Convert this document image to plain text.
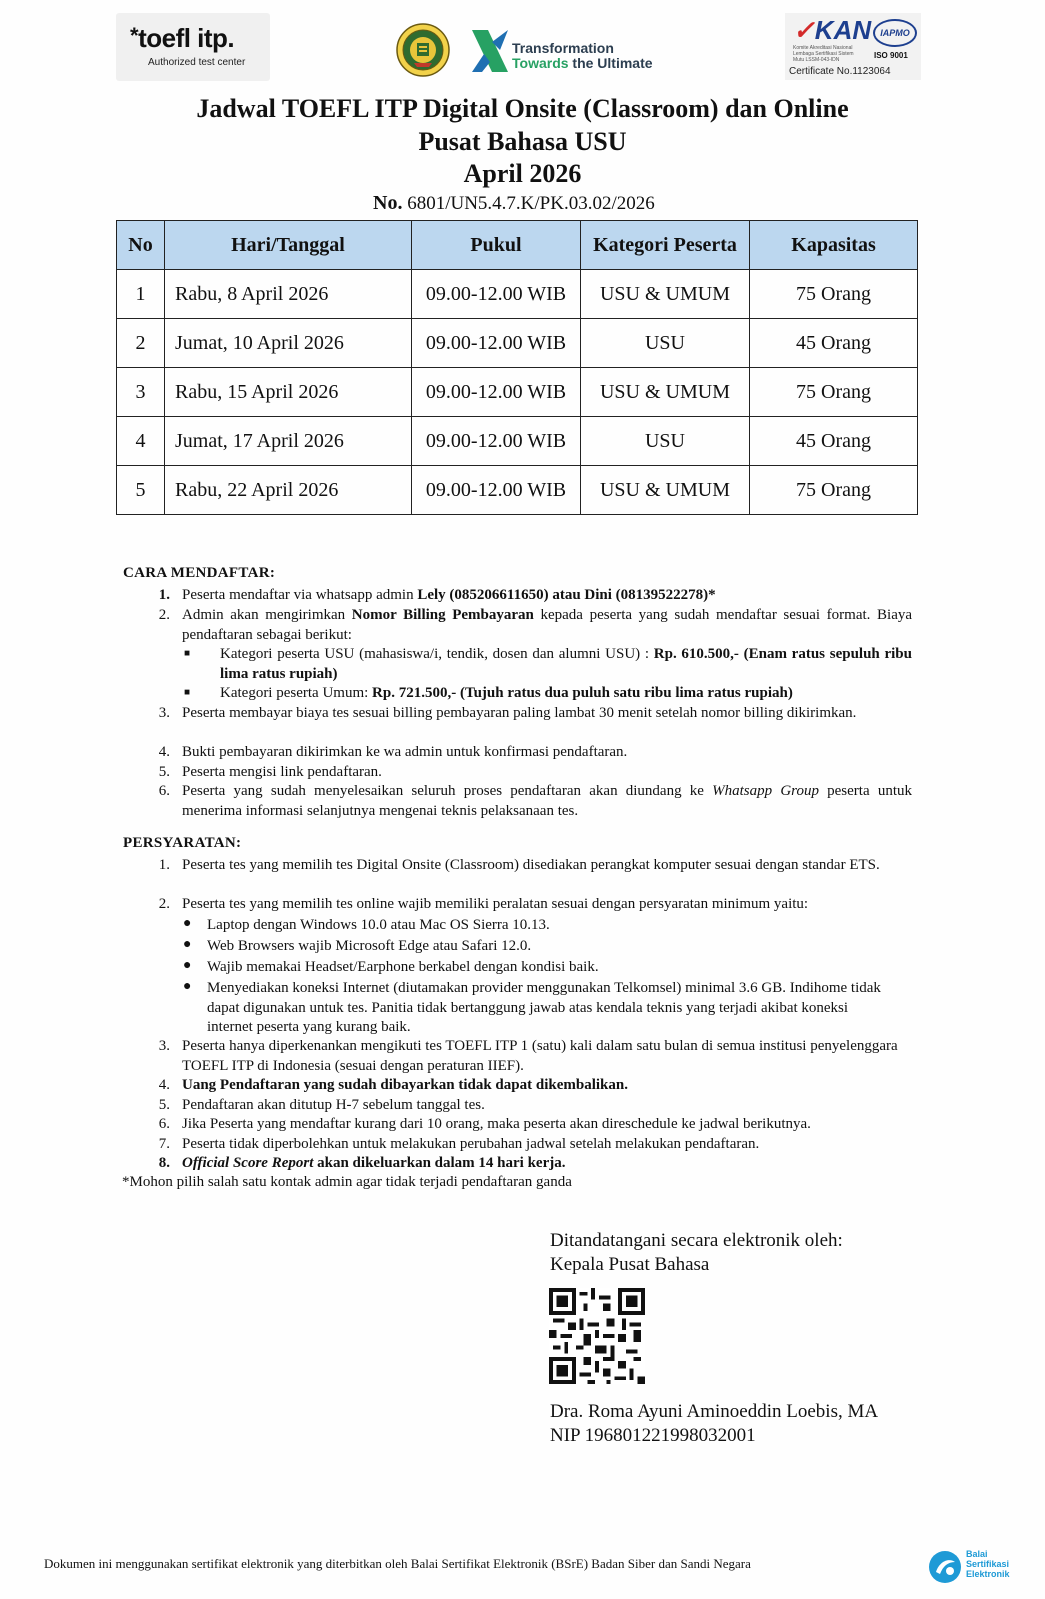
*toefl itp.
Authorized test center
Transformation
Towards the Ultimate
✓KAN
Komite Akreditasi Nasional Lembaga Sertifikasi Sistem Mutu LSSM-043-IDN
IAPMO
ISO 9001
Certificate No.1123064
Jadwal TOEFL ITP Digital Onsite (Classroom) dan Online
Pusat Bahasa USU
April 2026
No. 6801/UN5.4.7.K/PK.03.02/2026
No	Hari/Tanggal	Pukul	Kategori Peserta	Kapasitas
1	Rabu, 8 April 2026	09.00-12.00 WIB	USU & UMUM	75 Orang
2	Jumat, 10 April 2026	09.00-12.00 WIB	USU	45 Orang
3	Rabu, 15 April 2026	09.00-12.00 WIB	USU & UMUM	75 Orang
4	Jumat, 17 April 2026	09.00-12.00 WIB	USU	45 Orang
5	Rabu, 22 April 2026	09.00-12.00 WIB	USU & UMUM	75 Orang
CARA MENDAFTAR:
1. Peserta mendaftar via whatsapp admin Lely (085206611650) atau Dini (08139522278)*
2. Admin akan mengirimkan Nomor Billing Pembayaran kepada peserta yang sudah mendaftar sesuai format. Biaya pendaftaran sebagai berikut:
■ Kategori peserta USU (mahasiswa/i, tendik, dosen dan alumni USU) : Rp. 610.500,- (Enam ratus sepuluh ribu lima ratus rupiah)
■ Kategori peserta Umum: Rp. 721.500,- (Tujuh ratus dua puluh satu ribu lima ratus rupiah)
3. Peserta membayar biaya tes sesuai billing pembayaran paling lambat 30 menit setelah nomor billing dikirimkan.
4. Bukti pembayaran dikirimkan ke wa admin untuk konfirmasi pendaftaran.
5. Peserta mengisi link pendaftaran.
6. Peserta yang sudah menyelesaikan seluruh proses pendaftaran akan diundang ke Whatsapp Group peserta untuk menerima informasi selanjutnya mengenai teknis pelaksanaan tes.
PERSYARATAN:
1. Peserta tes yang memilih tes Digital Onsite (Classroom) disediakan perangkat komputer sesuai dengan standar ETS.
2. Peserta tes yang memilih tes online wajib memiliki peralatan sesuai dengan persyaratan minimum yaitu:
● Laptop dengan Windows 10.0 atau Mac OS Sierra 10.13.
● Web Browsers wajib Microsoft Edge atau Safari 12.0.
● Wajib memakai Headset/Earphone berkabel dengan kondisi baik.
● Menyediakan koneksi Internet (diutamakan provider menggunakan Telkomsel) minimal 3.6 GB. Indihome tidak dapat digunakan untuk tes. Panitia tidak bertanggung jawab atas kendala teknis yang terjadi akibat koneksi internet peserta yang kurang baik.
3. Peserta hanya diperkenankan mengikuti tes TOEFL ITP 1 (satu) kali dalam satu bulan di semua institusi penyelenggara TOEFL ITP di Indonesia (sesuai dengan peraturan IIEF).
4. Uang Pendaftaran yang sudah dibayarkan tidak dapat dikembalikan.
5. Pendaftaran akan ditutup H-7 sebelum tanggal tes.
6. Jika Peserta yang mendaftar kurang dari 10 orang, maka peserta akan direschedule ke jadwal berikutnya.
7. Peserta tidak diperbolehkan untuk melakukan perubahan jadwal setelah melakukan pendaftaran.
8. Official Score Report akan dikeluarkan dalam 14 hari kerja.
*Mohon pilih salah satu kontak admin agar tidak terjadi pendaftaran ganda
Ditandatangani secara elektronik oleh:
Kepala Pusat Bahasa
Dra. Roma Ayuni Aminoeddin Loebis, MA
NIP 196801221998032001
Dokumen ini menggunakan sertifikat elektronik yang diterbitkan oleh Balai Sertifikat Elektronik (BSrE) Badan Siber dan Sandi Negara
Balai
Sertifikasi
Elektronik
